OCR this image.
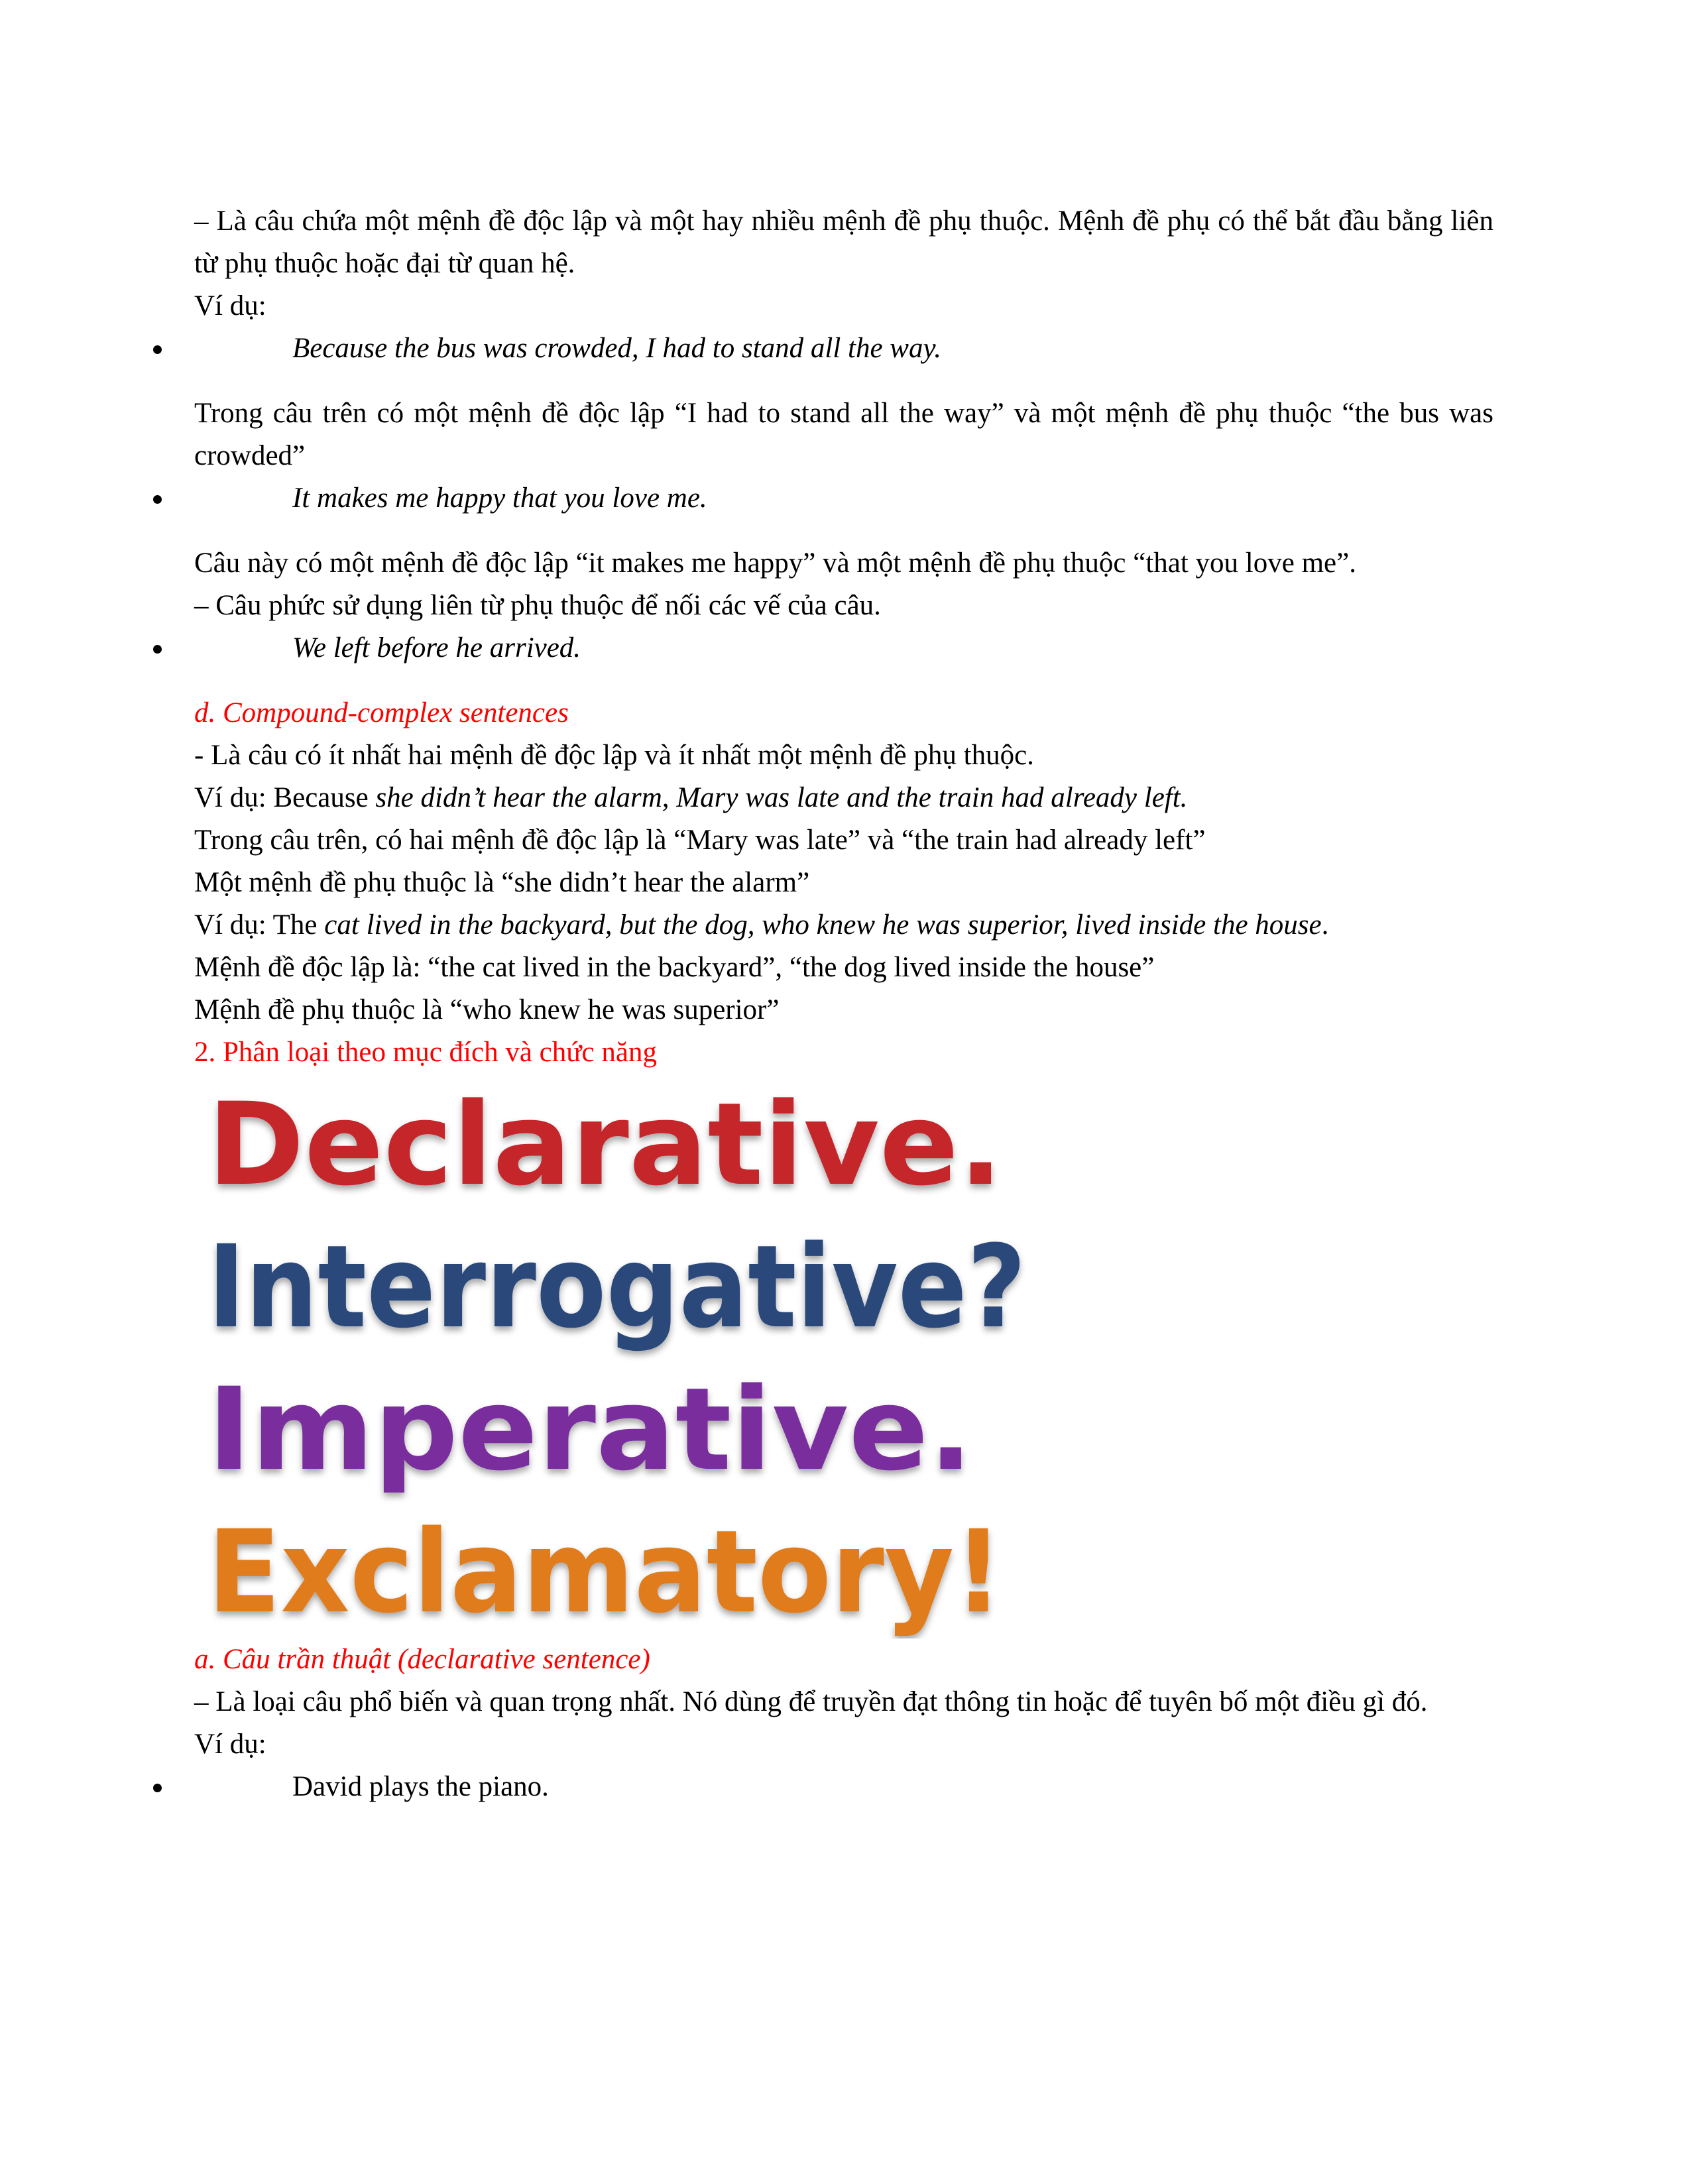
– Là câu chứa một mệnh đề độc lập và một hay nhiều mệnh đề phụ thuộc. Mệnh đề phụ có thể bắt đầu bằng liên từ phụ thuộc hoặc đại từ quan hệ.

Ví dụ:

Because the bus was crowded, I had to stand all the way.

Trong câu trên có một mệnh đề độc lập “I had to stand all the way” và một mệnh đề phụ thuộc “the bus was crowded”

It makes me happy that you love me.

Câu này có một mệnh đề độc lập “it makes me happy” và một mệnh đề phụ thuộc “that you love me”.

– Câu phức sử dụng liên từ phụ thuộc để nối các vế của câu.

We left before he arrived.

d. Compound-complex sentences

- Là câu có ít nhất hai mệnh đề độc lập và ít nhất một mệnh đề phụ thuộc.

Ví dụ: Because she didn’t hear the alarm, Mary was late and the train had already left.

Trong câu trên, có hai mệnh đề độc lập là “Mary was late” và “the train had already left”

Một mệnh đề phụ thuộc là “she didn’t hear the alarm”

Ví dụ: The cat lived in the backyard, but the dog, who knew he was superior, lived inside the house.

Mệnh đề độc lập là: “the cat lived in the backyard”, “the dog lived inside the house”

Mệnh đề phụ thuộc là “who knew he was superior”

2. Phân loại theo mục đích và chức năng

Declarative.
Interrogative?
Imperative.
Exclamatory!

a. Câu trần thuật (declarative sentence)

– Là loại câu phổ biến và quan trọng nhất. Nó dùng để truyền đạt thông tin hoặc để tuyên bố một điều gì đó.

Ví dụ:

David plays the piano.
